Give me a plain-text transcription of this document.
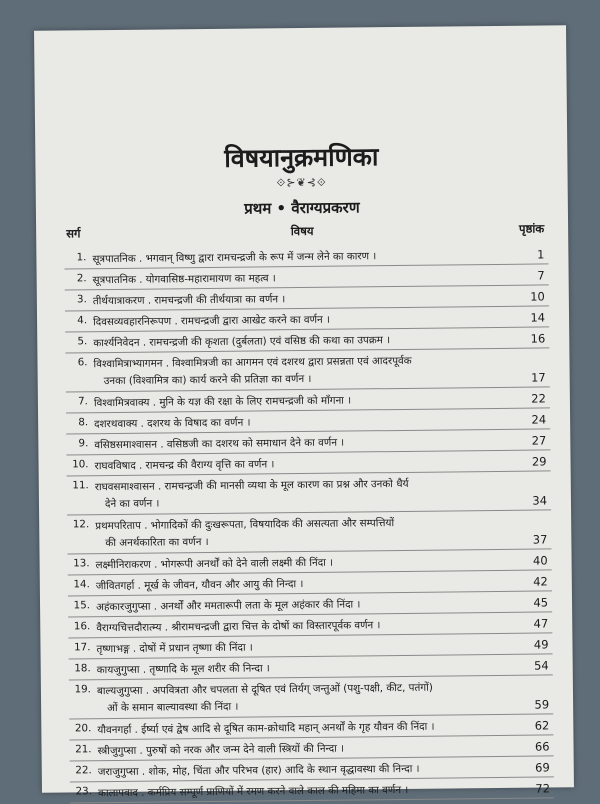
विषयानुक्रमणिका
⟐⊱❦⊰⟐
प्रथम • वैराग्यप्रकरण
सर्ग	विषय	पृष्ठांक
1. सूत्रपातनिक . भगवान् विष्णु द्वारा रामचन्द्रजी के रूप में जन्म लेने का कारण ।	1
2. सूत्रपातनिक . योगवासिष्ठ-महारामायण का महत्व ।	7
3. तीर्थयात्राकरण . रामचन्द्रजी की तीर्थयात्रा का वर्णन ।	10
4. दिवसव्यवहारनिरूपण . रामचन्द्रजी द्वारा आखेट करने का वर्णन ।	14
5. कार्श्यनिवेदन . रामचन्द्रजी की कृशता (दुर्बलता) एवं वसिष्ठ की कथा का उपक्रम ।	16
6. विश्वामित्राभ्यागमन . विश्वामित्रजी का आगमन एवं दशरथ द्वारा प्रसन्नता एवं आदरपूर्वक
उनका (विश्वामित्र का) कार्य करने की प्रतिज्ञा का वर्णन ।	17
7. विश्वामित्रवाक्य . मुनि के यज्ञ की रक्षा के लिए रामचन्द्रजी को माँगना ।	22
8. दशरथवाक्य . दशरथ के विषाद का वर्णन ।	24
9. वसिष्ठसमाश्वासन . वसिष्ठजी का दशरथ को समाधान देने का वर्णन ।	27
10. राघवविषाद . रामचन्द्र की वैराग्य वृत्ति का वर्णन ।	29
11. राघवसमाश्वासन . रामचन्द्रजी की मानसी व्यथा के मूल कारण का प्रश्न और उनको धैर्य
देने का वर्णन ।	34
12. प्रथमपरिताप . भोगादिकों की दुःखरूपता, विषयादिक की असत्यता और सम्पत्तियों
की अनर्थकारिता का वर्णन ।	37
13. लक्ष्मीनिराकरण . भोगरूपी अनर्थों को देने वाली लक्ष्मी की निंदा ।	40
14. जीवितगर्हा . मूर्ख के जीवन, यौवन और आयु की निन्दा ।	42
15. अहंकारजुगुप्सा . अनर्थों और ममतारूपी लता के मूल अहंकार की निंदा ।	45
16. वैराग्यचित्तदौरात्म्य . श्रीरामचन्द्रजी द्वारा चित्त के दोषों का विस्तारपूर्वक वर्णन ।	47
17. तृष्णाभङ्ग . दोषों में प्रधान तृष्णा की निंदा ।	49
18. कायजुगुप्सा . तृष्णादि के मूल शरीर की निन्दा ।	54
19. बाल्यजुगुप्सा . अपवित्रता और चपलता से दूषित एवं तिर्यग् जन्तुओं (पशु-पक्षी, कीट, पतंगों)
ओं के समान बाल्यावस्था की निंदा ।	59
20. यौवनगर्हा . ईर्ष्या एवं द्वेष आदि से दूषित काम-क्रोधादि महान् अनर्थों के गृह यौवन की निंदा ।	62
21. स्त्रीजुगुप्सा . पुरुषों को नरक और जन्म देने वाली स्त्रियों की निन्दा ।	66
22. जराजुगुप्सा . शोक, मोह, चिंता और परिभव (हार) आदि के स्थान वृद्धावस्था की निन्दा ।	69
23. कालापवाद . कर्मप्रिय सम्पूर्ण प्राणियों में रमण करने वाले काल की महिमा का वर्णन ।	72
